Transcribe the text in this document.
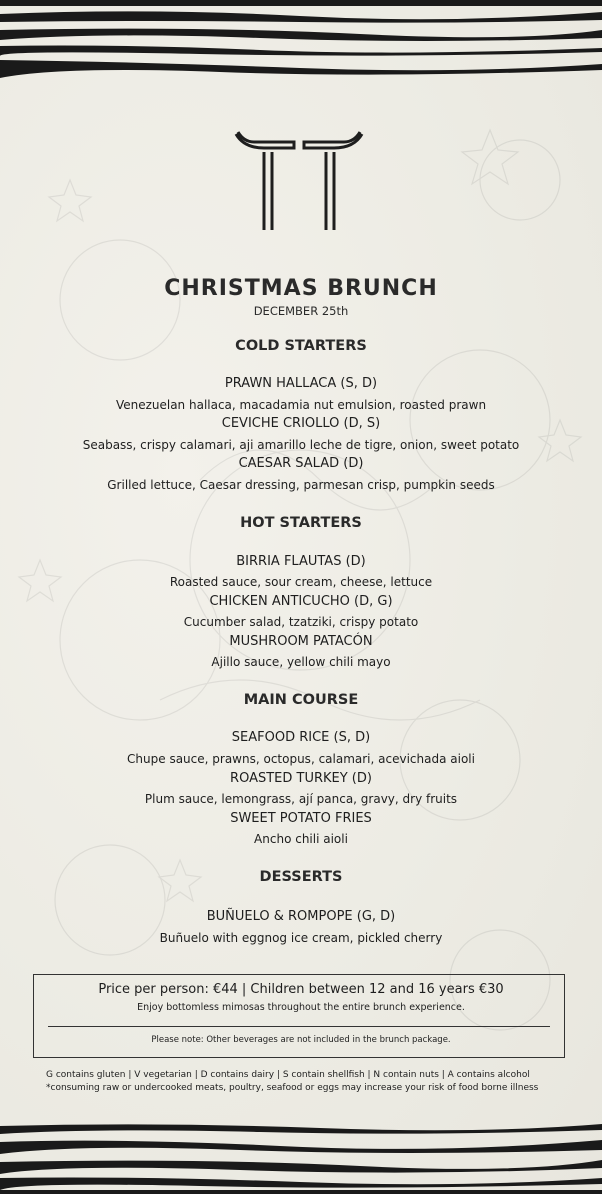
CHRISTMAS BRUNCH
DECEMBER 25th
COLD STARTERS
PRAWN HALLACA (S, D)
Venezuelan hallaca, macadamia nut emulsion, roasted prawn
CEVICHE CRIOLLO (D, S)
Seabass, crispy calamari, aji amarillo leche de tigre, onion, sweet potato
CAESAR SALAD (D)
Grilled lettuce, Caesar dressing, parmesan crisp, pumpkin seeds
HOT STARTERS
BIRRIA FLAUTAS (D)
Roasted sauce, sour cream, cheese, lettuce
CHICKEN ANTICUCHO (D, G)
Cucumber salad, tzatziki, crispy potato
MUSHROOM PATACÓN
Ajillo sauce, yellow chili mayo
MAIN COURSE
SEAFOOD RICE (S, D)
Chupe sauce, prawns, octopus, calamari, acevichada aioli
ROASTED TURKEY (D)
Plum sauce, lemongrass, ají panca, gravy, dry fruits
SWEET POTATO FRIES
Ancho chili aioli
DESSERTS
BUÑUELO & ROMPOPE (G, D)
Buñuelo with eggnog ice cream, pickled cherry
Price per person: €44 | Children between 12 and 16 years €30
Enjoy bottomless mimosas throughout the entire brunch experience.
Please note: Other beverages are not included in the brunch package.
G contains gluten | V vegetarian | D contains dairy | S contain shellfish | N contain nuts | A contains alcohol
*consuming raw or undercooked meats, poultry, seafood or eggs may increase your risk of food borne illness
